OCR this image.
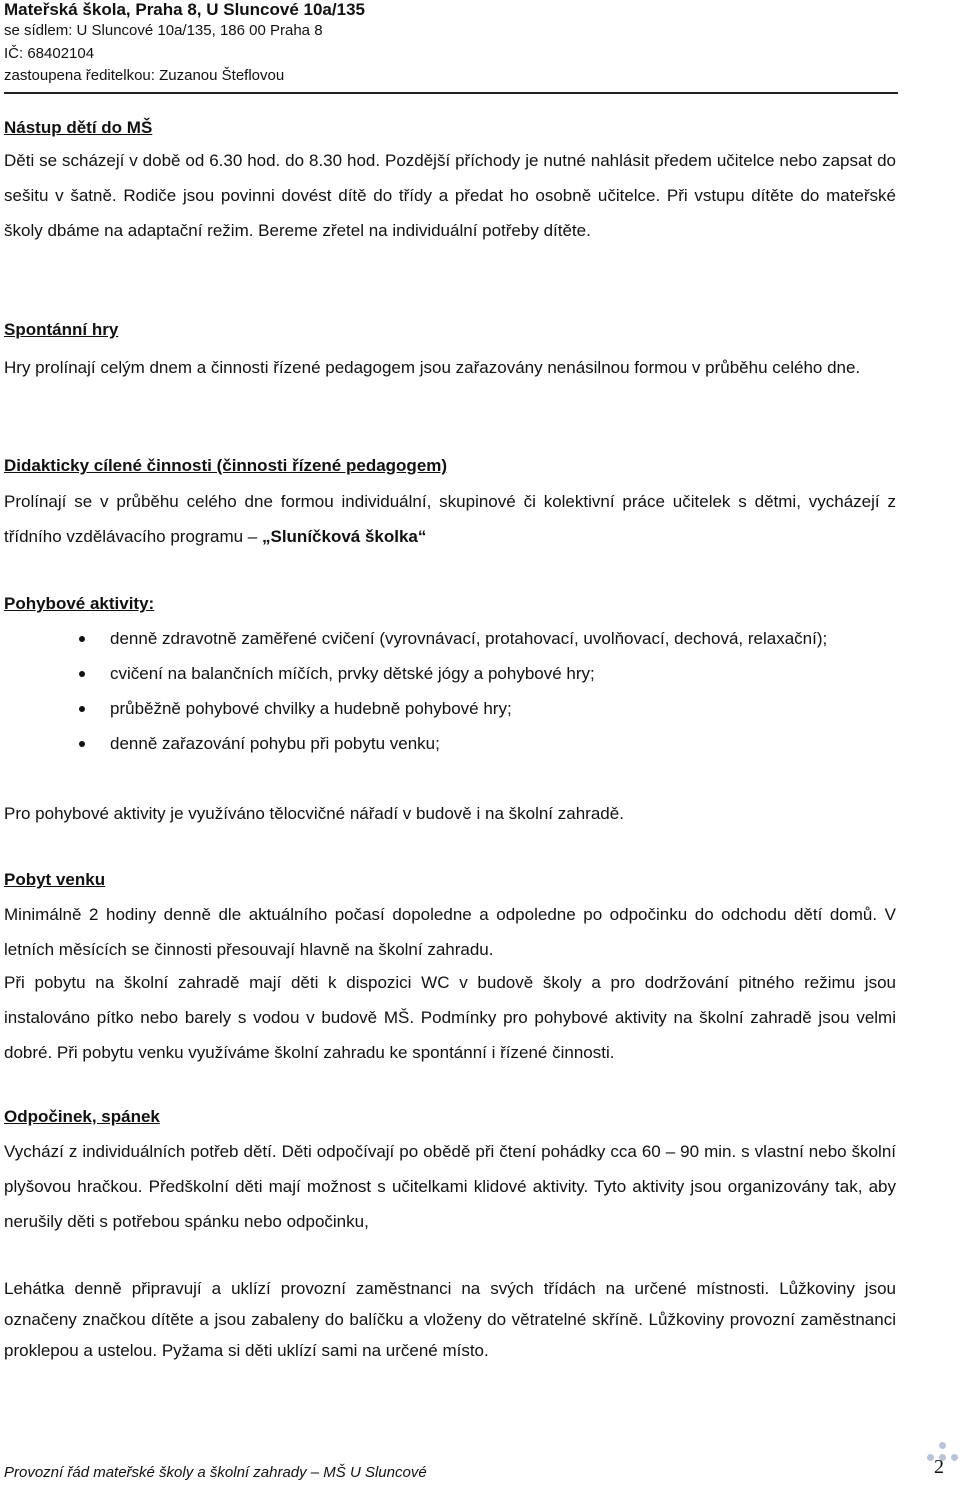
Mateřská škola, Praha 8, U Sluncové 10a/135
se sídlem: U Sluncové 10a/135, 186 00 Praha 8
IČ: 68402104
zastoupena ředitelkou: Zuzanou Šteflovou
Nástup dětí do MŠ

Děti se scházejí v době od 6.30 hod. do 8.30 hod. Pozdější příchody je nutné nahlásit předem učitelce nebo zapsat do sešitu v šatně. Rodiče jsou povinni dovést dítě do třídy a předat ho osobně učitelce. Při vstupu dítěte do mateřské školy dbáme na adaptační režim. Bereme zřetel na individuální potřeby dítěte.

Spontánní hry

Hry prolínají celým dnem a činnosti řízené pedagogem jsou zařazovány nenásilnou formou v průběhu celého dne.

Didakticky cílené činnosti (činnosti řízené pedagogem)

Prolínají se v průběhu celého dne formou individuální, skupinové či kolektivní práce učitelek s dětmi, vycházejí z třídního vzdělávacího programu – „Sluníčková školka“

Pohybové aktivity:
denně zdravotně zaměřené cvičení (vyrovnávací, protahovací, uvolňovací, dechová, relaxační);
cvičení na balančních míčích, prvky dětské jógy a pohybové hry;
průběžně pohybové chvilky a hudebně pohybové hry;
denně zařazování pohybu při pobytu venku;

Pro pohybové aktivity je využíváno tělocvičné nářadí v budově i na školní zahradě.

Pobyt venku

Minimálně 2 hodiny denně dle aktuálního počasí dopoledne a odpoledne po odpočinku do odchodu dětí domů. V letních měsících se činnosti přesouvají hlavně na školní zahradu.

Při pobytu na školní zahradě mají děti k dispozici WC v budově školy a pro dodržování pitného režimu jsou instalováno pítko nebo barely s vodou v budově MŠ. Podmínky pro pohybové aktivity na školní zahradě jsou velmi dobré. Při pobytu venku využíváme školní zahradu ke spontánní i řízené činnosti.

Odpočinek, spánek

Vychází z individuálních potřeb dětí. Děti odpočívají po obědě při čtení pohádky cca 60 – 90 min. s vlastní nebo školní plyšovou hračkou. Předškolní děti mají možnost s učitelkami klidové aktivity. Tyto aktivity jsou organizovány tak, aby nerušily děti s potřebou spánku nebo odpočinku,

Lehátka denně připravují a uklízí provozní zaměstnanci na svých třídách na určené místnosti. Lůžkoviny jsou označeny značkou dítěte a jsou zabaleny do balíčku a vloženy do větratelné skříně. Lůžkoviny provozní zaměstnanci proklepou a ustelou. Pyžama si děti uklízí sami na určené místo.

Provozní řád mateřské školy a školní zahrady – MŠ U Sluncové	2
